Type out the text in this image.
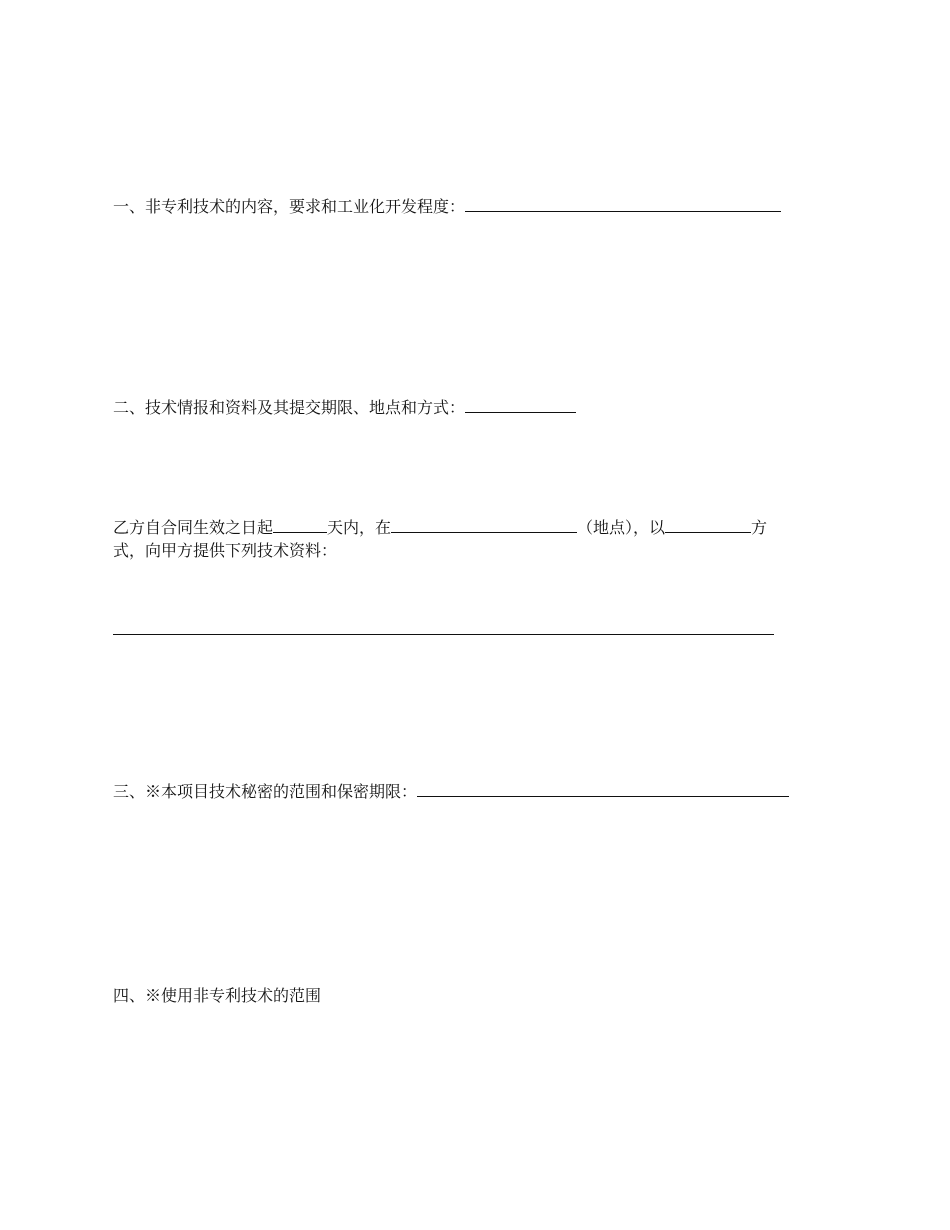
一、非专利技术的内容，要求和工业化开发程度：
二、技术情报和资料及其提交期限、地点和方式：
乙方自合同生效之日起	天内，在	（地点），以	方
式，向甲方提供下列技术资料：
三、※本项目技术秘密的范围和保密期限：
四、※使用非专利技术的范围
